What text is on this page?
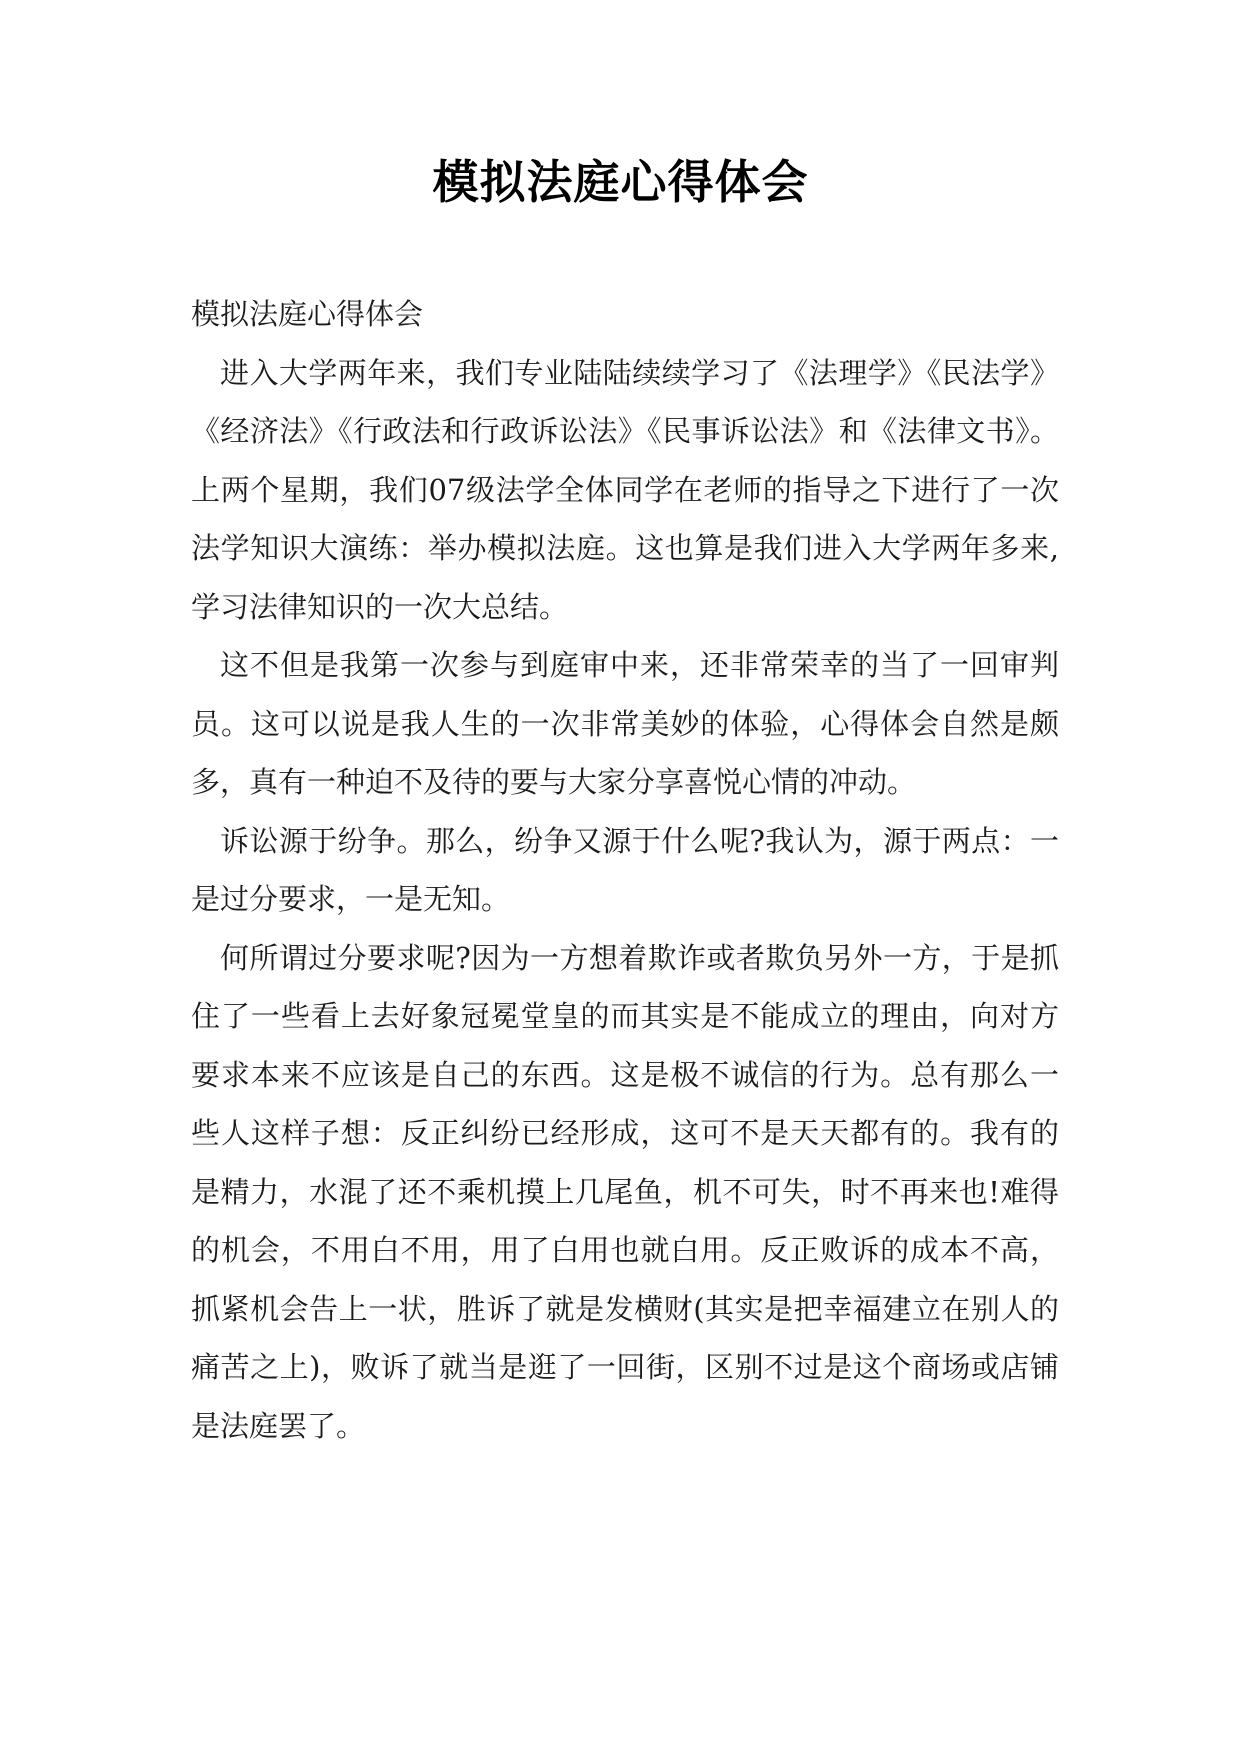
模拟法庭心得体会

模拟法庭心得体会

进入大学两年来，我们专业陆陆续续学习了《法理学》《民法学》《经济法》《行政法和行政诉讼法》《民事诉讼法》和《法律文书》。上两个星期，我们07级法学全体同学在老师的指导之下进行了一次法学知识大演练：举办模拟法庭。这也算是我们进入大学两年多来,学习法律知识的一次大总结。

这不但是我第一次参与到庭审中来，还非常荣幸的当了一回审判员。这可以说是我人生的一次非常美妙的体验，心得体会自然是颇多，真有一种迫不及待的要与大家分享喜悦心情的冲动。

诉讼源于纷争。那么，纷争又源于什么呢?我认为，源于两点：一是过分要求，一是无知。

何所谓过分要求呢?因为一方想着欺诈或者欺负另外一方，于是抓住了一些看上去好象冠冕堂皇的而其实是不能成立的理由，向对方要求本来不应该是自己的东西。这是极不诚信的行为。总有那么一些人这样子想：反正纠纷已经形成，这可不是天天都有的。我有的是精力，水混了还不乘机摸上几尾鱼，机不可失，时不再来也!难得的机会，不用白不用，用了白用也就白用。反正败诉的成本不高，抓紧机会告上一状，胜诉了就是发横财(其实是把幸福建立在别人的痛苦之上)，败诉了就当是逛了一回街，区别不过是这个商场或店铺是法庭罢了。
